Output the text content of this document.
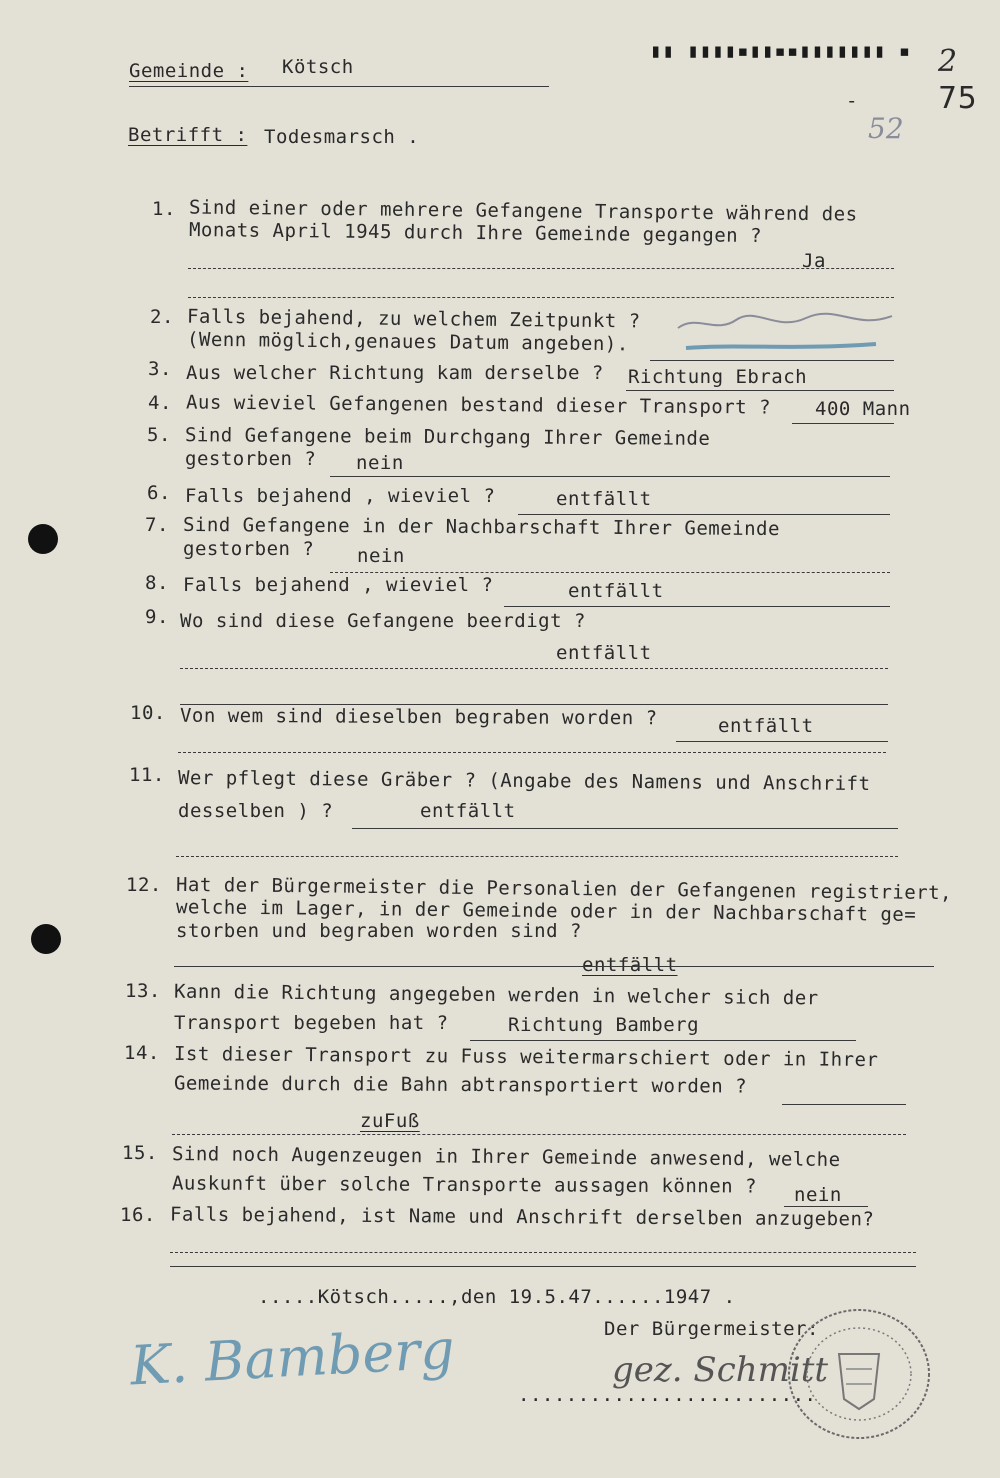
▮▮ ▮▮▮▮▪▮▮▪▪▮▮▮▮▮▮▮ ▪ 2
75
-
52
Gemeinde : Kötsch
Betrifft : Todesmarsch .
1. Sind einer oder mehrere Gefangene Transporte während des
Monats April 1945 durch Ihre Gemeinde gegangen ?
Ja
2. Falls bejahend, zu welchem Zeitpunkt ?
(Wenn möglich,genaues Datum angeben).
3. Aus welcher Richtung kam derselbe ? Richtung Ebrach
4. Aus wieviel Gefangenen bestand dieser Transport ? 400 Mann
5. Sind Gefangene beim Durchgang Ihrer Gemeinde
gestorben ? nein
6. Falls bejahend , wieviel ?	entfällt
7. Sind Gefangene in der Nachbarschaft Ihrer Gemeinde
gestorben ? nein
8. Falls bejahend , wieviel ?	entfällt
9. Wo sind diese Gefangene beerdigt ?
entfällt
10. Von wem sind dieselben begraben worden ?	entfällt
11. Wer pflegt diese Gräber ? (Angabe des Namens und Anschrift
desselben ) ?	entfällt
12. Hat der Bürgermeister die Personalien der Gefangenen registriert,
welche im Lager, in der Gemeinde oder in der Nachbarschaft ge=
storben und begraben worden sind ?
entfällt
13. Kann die Richtung angegeben werden in welcher sich der
Transport begeben hat ?	Richtung Bamberg
14. Ist dieser Transport zu Fuss weitermarschiert oder in Ihrer
Gemeinde durch die Bahn abtransportiert worden ?
zuFuß
15. Sind noch Augenzeugen in Ihrer Gemeinde anwesend, welche
Auskunft über solche Transporte aussagen können ? nein
16. Falls bejahend, ist Name und Anschrift derselben anzugeben?
.....Kötsch.....,den 19.5.47......1947 .
Der Bürgermeister:
.........................
gez. Schmitt
K. Bamberg
